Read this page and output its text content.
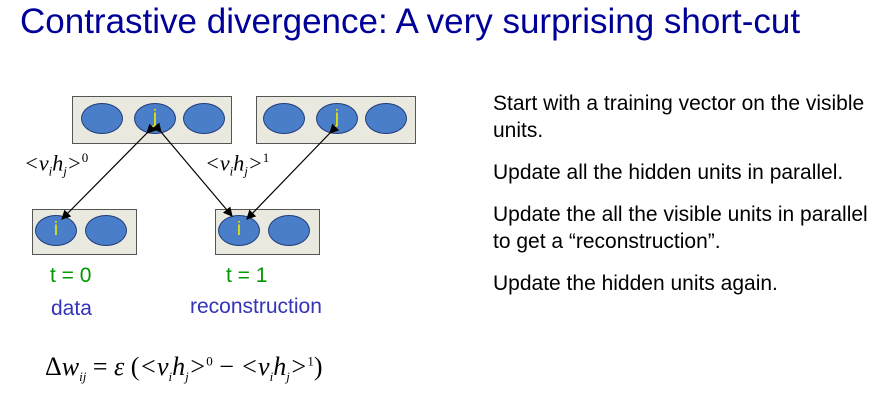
Contrastive divergence: A very surprising short-cut
j	j
i	i
$<v_ih_j>^0$	$<v_ih_j>^1$
t = 0	t = 1
data	reconstruction
$\Delta w_{ij} = \varepsilon$ $(<v_ih_j>^0 - <v_ih_j>^1)$

Start with a training vector on the visible units.

Update all the hidden units in parallel.

Update the all the visible units in parallel to get a “reconstruction”.

Update the hidden units again.
